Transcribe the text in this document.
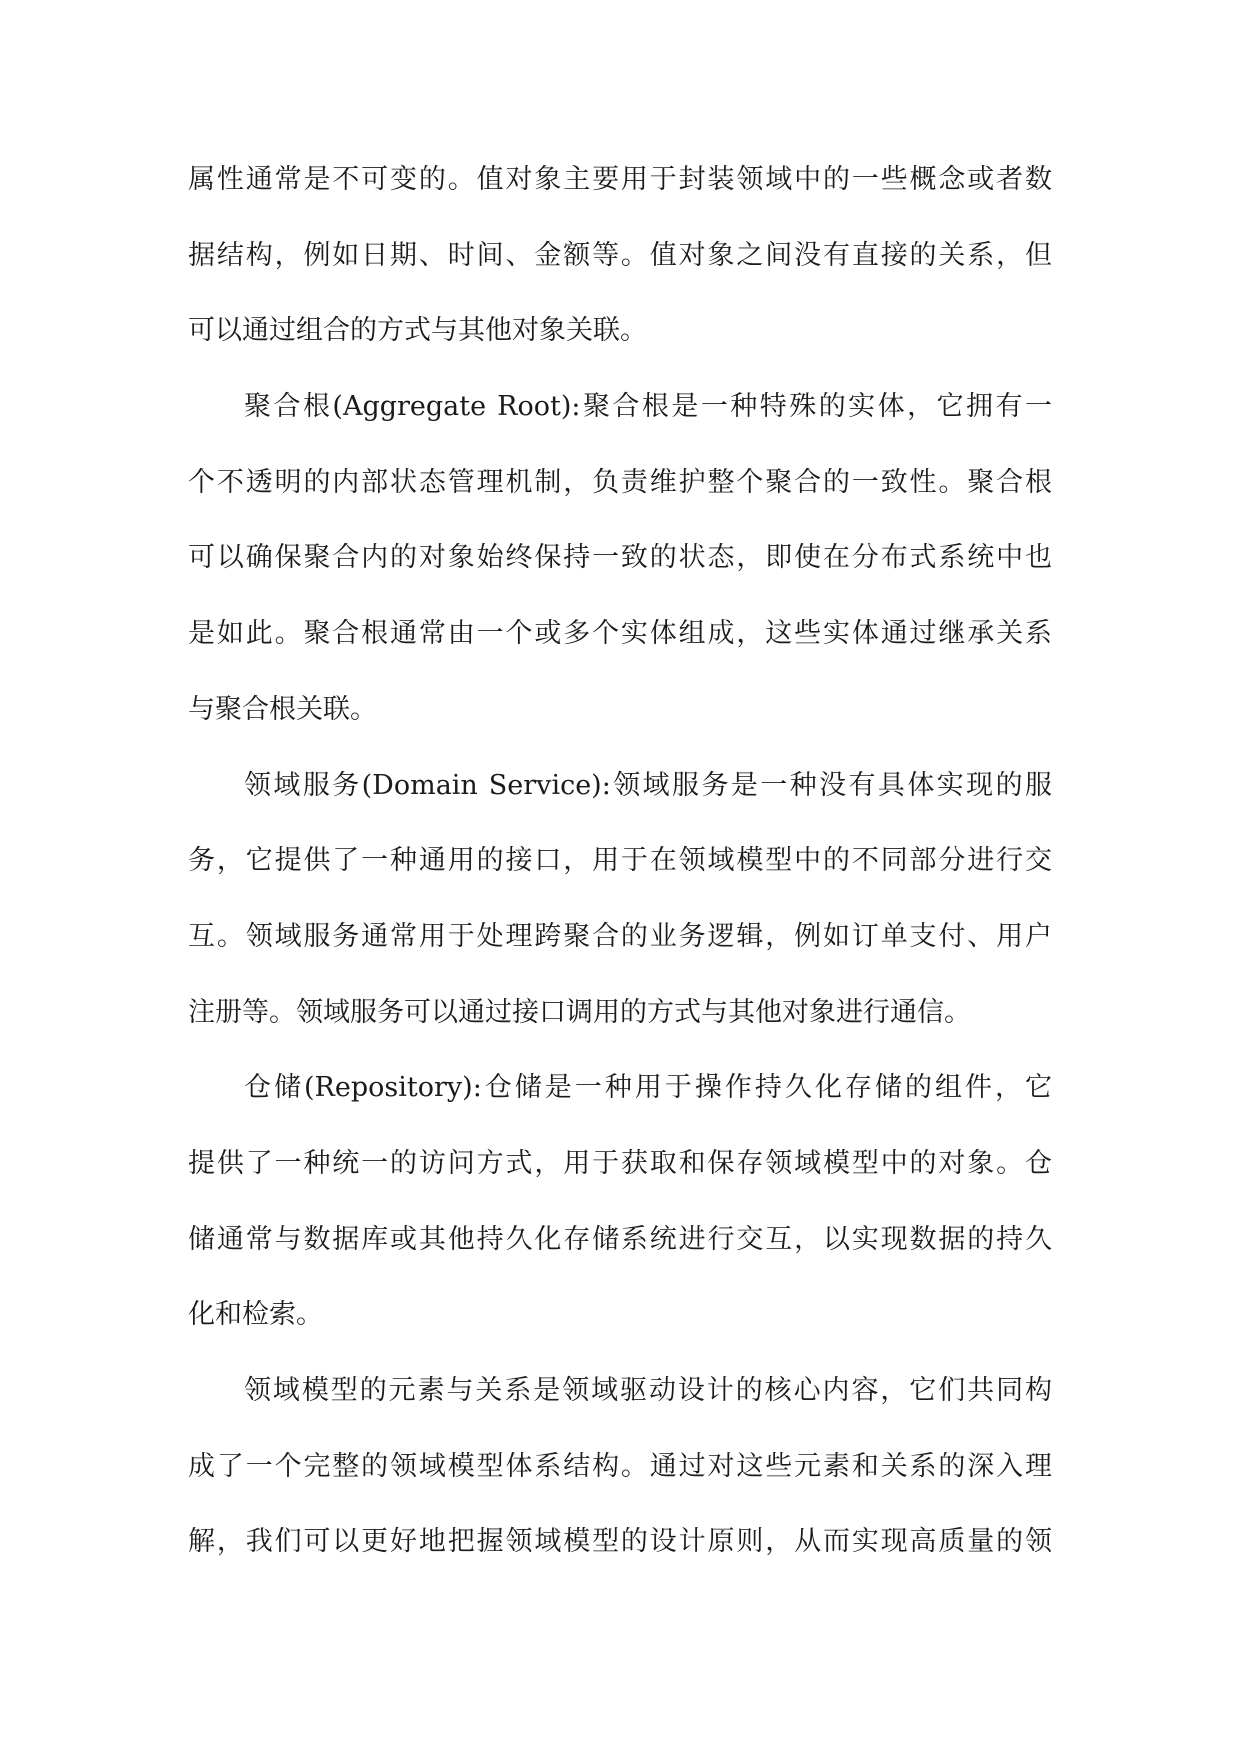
属性通常是不可变的。值对象主要用于封装领域中的一些概念或者数
据结构，例如日期、时间、金额等。值对象之间没有直接的关系，但
可以通过组合的方式与其他对象关联。
聚合根(Aggregate Root):聚合根是一种特殊的实体，它拥有一
个不透明的内部状态管理机制，负责维护整个聚合的一致性。聚合根
可以确保聚合内的对象始终保持一致的状态，即使在分布式系统中也
是如此。聚合根通常由一个或多个实体组成，这些实体通过继承关系
与聚合根关联。
领域服务(Domain Service):领域服务是一种没有具体实现的服
务，它提供了一种通用的接口，用于在领域模型中的不同部分进行交
互。领域服务通常用于处理跨聚合的业务逻辑，例如订单支付、用户
注册等。领域服务可以通过接口调用的方式与其他对象进行通信。
仓储(Repository):仓储是一种用于操作持久化存储的组件，它
提供了一种统一的访问方式，用于获取和保存领域模型中的对象。仓
储通常与数据库或其他持久化存储系统进行交互，以实现数据的持久
化和检索。
领域模型的元素与关系是领域驱动设计的核心内容，它们共同构
成了一个完整的领域模型体系结构。通过对这些元素和关系的深入理
解，我们可以更好地把握领域模型的设计原则，从而实现高质量的领
